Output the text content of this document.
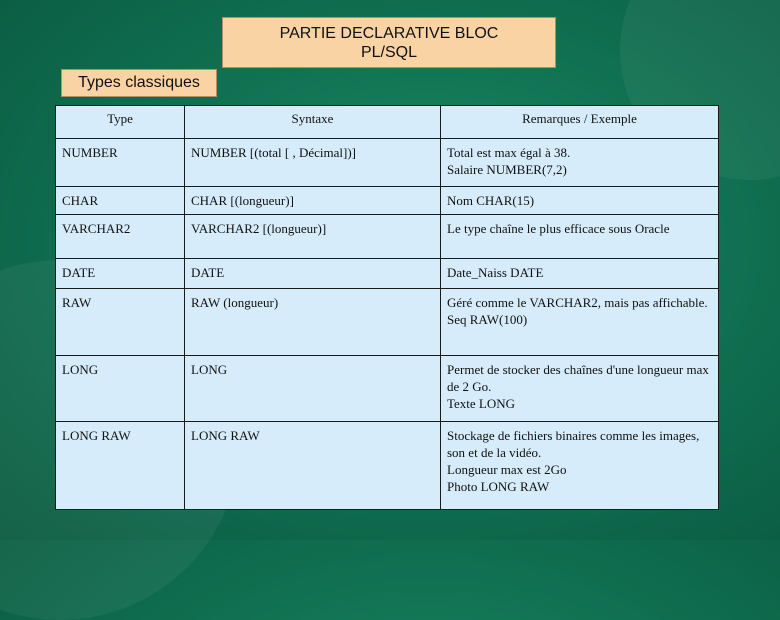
PARTIE DECLARATIVE BLOC
PL/SQL
Types classiques
Type	Syntaxe	Remarques / Exemple
NUMBER	NUMBER [(total [ , Décimal])]	Total est max égal à 38.
Salaire NUMBER(7,2)

CHAR	CHAR [(longueur)]	Nom CHAR(15)

VARCHAR2	VARCHAR2 [(longueur)]	Le type chaîne le plus efficace sous Oracle

DATE	DATE	Date_Naiss DATE

RAW	RAW (longueur)	Géré comme le VARCHAR2, mais pas affichable.
Seq RAW(100)

LONG	LONG	Permet de stocker des chaînes d'une longueur max de 2 Go.
Texte LONG

LONG RAW	LONG RAW	Stockage de fichiers binaires comme les images, son et de la vidéo.
Longueur max est 2Go
Photo LONG RAW
